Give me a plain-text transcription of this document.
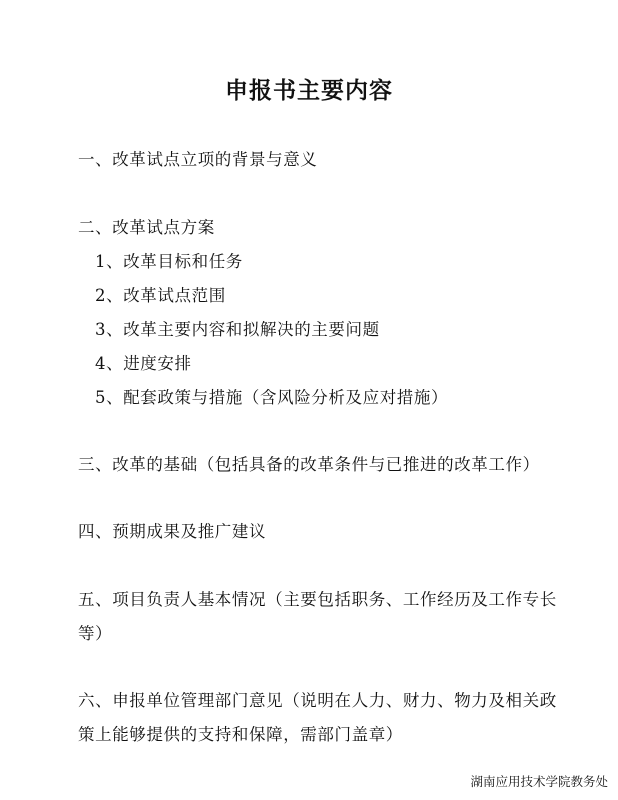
申报书主要内容
一、改革试点立项的背景与意义
二、改革试点方案
1、改革目标和任务
2、改革试点范围
3、改革主要内容和拟解决的主要问题
4、进度安排
5、配套政策与措施（含风险分析及应对措施）
三、改革的基础（包括具备的改革条件与已推进的改革工作）
四、预期成果及推广建议
五、项目负责人基本情况（主要包括职务、工作经历及工作专长
等）
六、申报单位管理部门意见（说明在人力、财力、物力及相关政
策上能够提供的支持和保障，需部门盖章）
湖南应用技术学院教务处
